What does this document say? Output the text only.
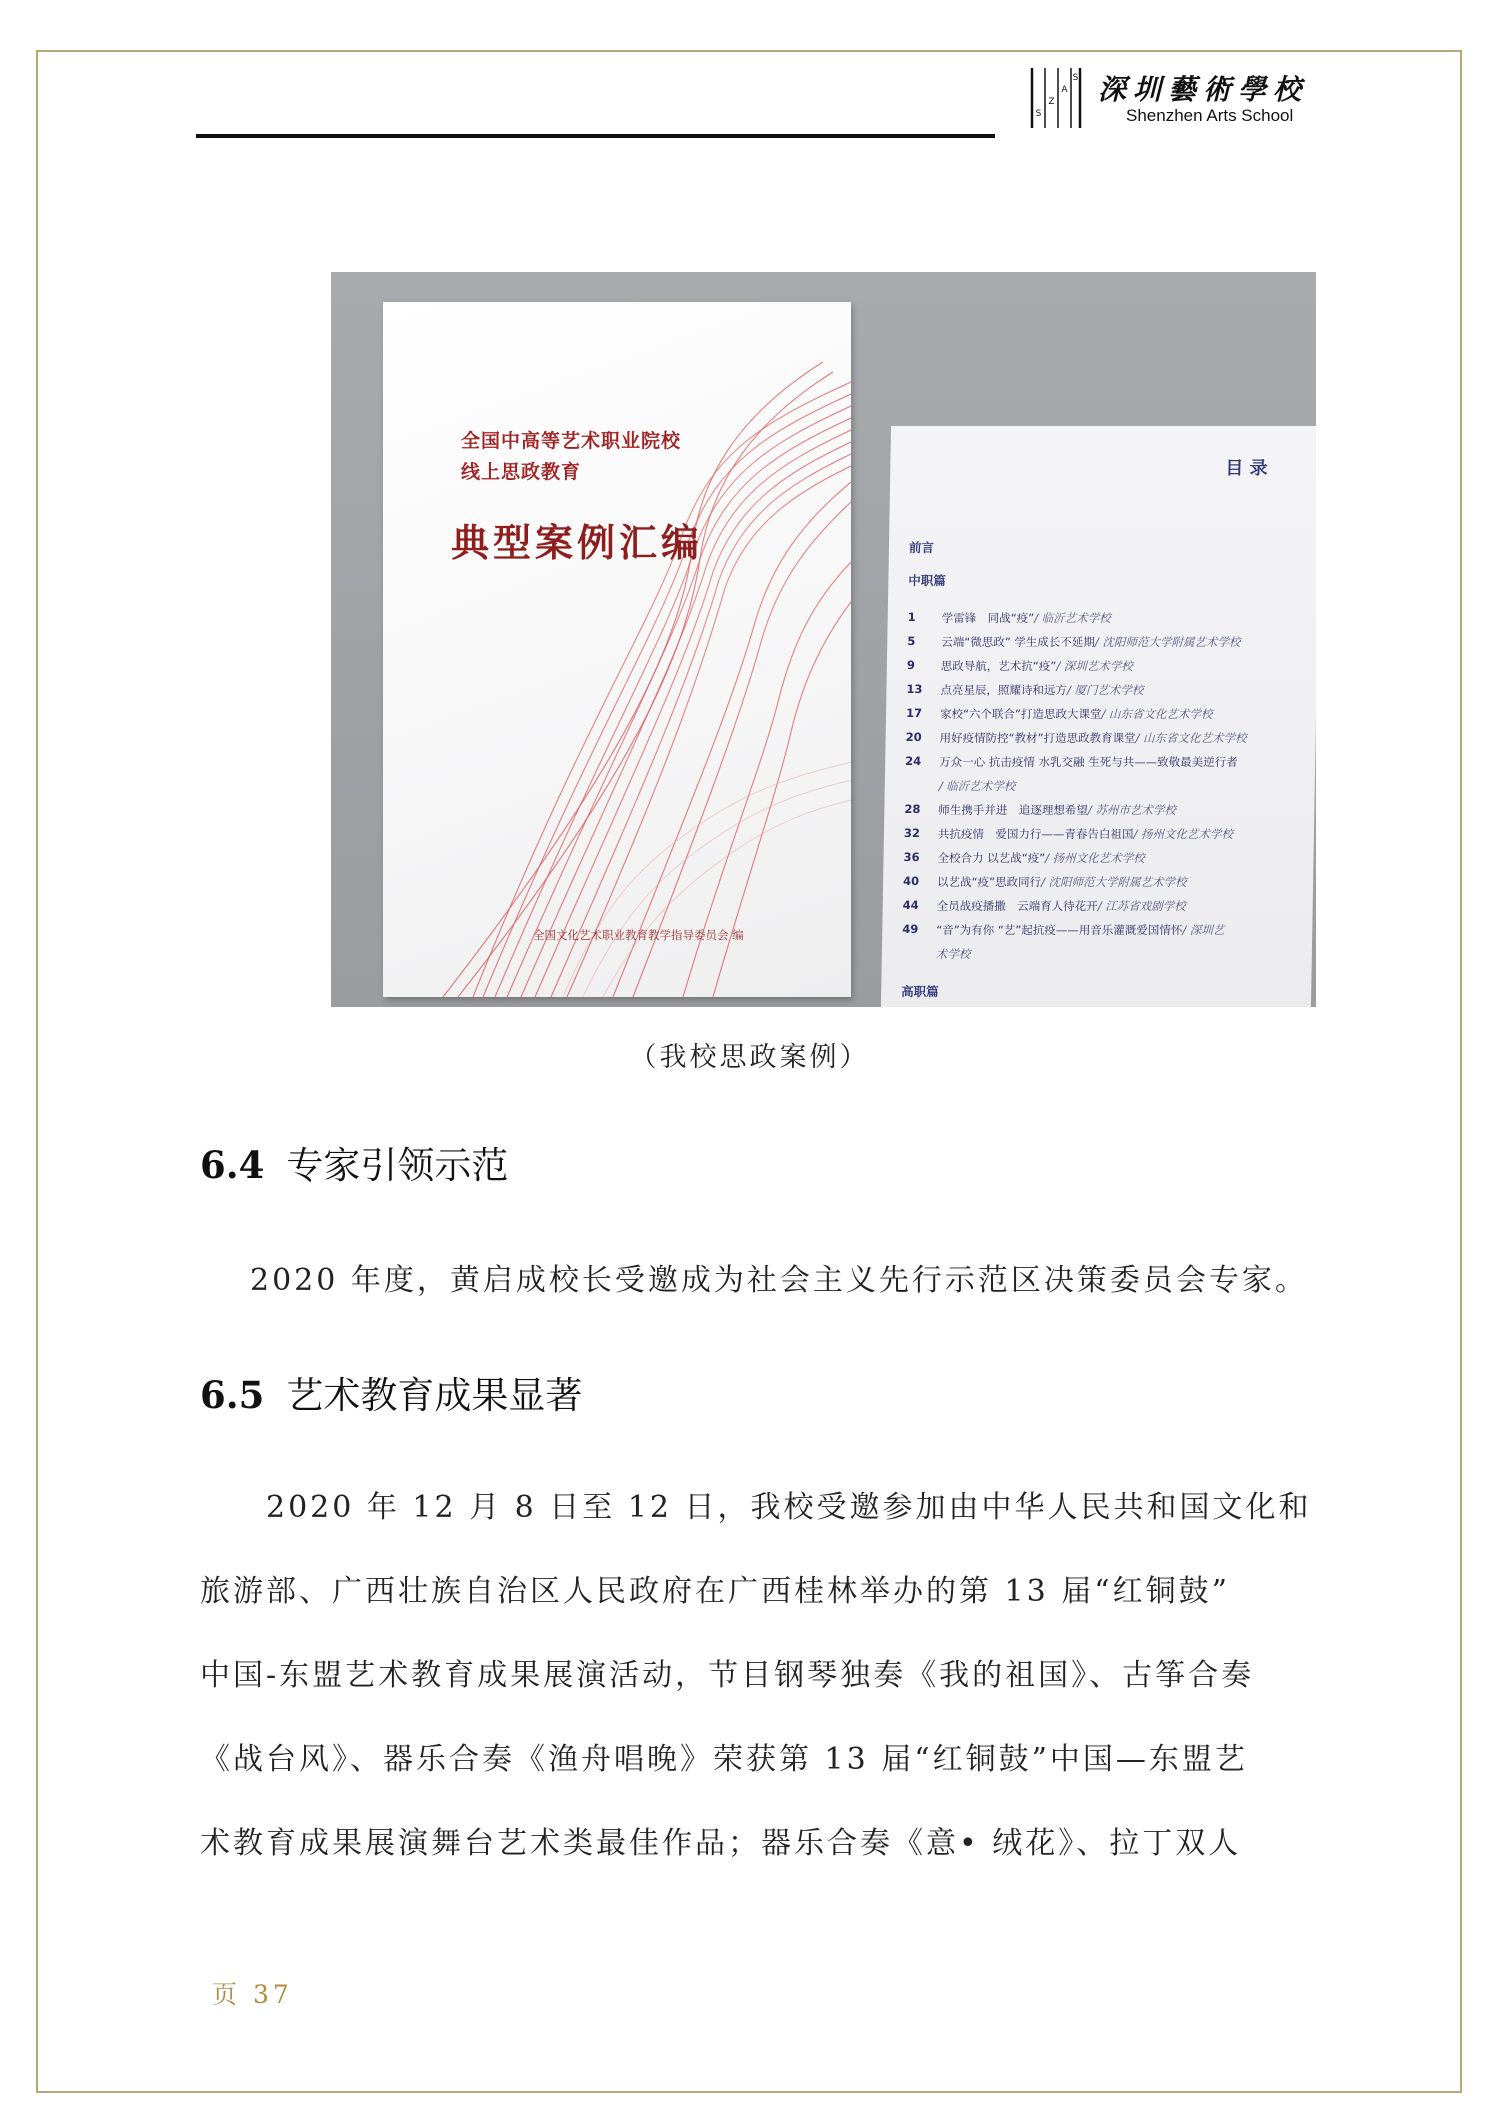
S
Z
A
S 深圳藝術學校
Shenzhen Arts School
全国中高等艺术职业院校
线上思政教育
典型案例汇编
全国文化艺术职业教育教学指导委员会 编
目 录
前言
中职篇
1	学雷锋　同战“疫”/ 临沂艺术学校
5	云端“微思政” 学生成长不延期/ 沈阳师范大学附属艺术学校
9	思政导航，艺术抗“疫”/ 深圳艺术学校
13	点亮星辰，照耀诗和远方/ 厦门艺术学校
17	家校“六个联合”打造思政大课堂/ 山东省文化艺术学校
20	用好疫情防控“教材”打造思政教育课堂/ 山东省文化艺术学校
24	万众一心 抗击疫情 水乳交融 生死与共——致敬最美逆行者
/ 临沂艺术学校
28	师生携手并进　追逐理想希望/ 苏州市艺术学校
32	共抗疫情　爱国力行——青春告白祖国/ 扬州文化艺术学校
36	全校合力 以艺战“疫”/ 扬州文化艺术学校
40	以艺战“疫”思政同行/ 沈阳师范大学附属艺术学校
44	全员战疫播撒　云端育人待花开/ 江苏省戏剧学校
49	“音”为有你 “艺”起抗疫——用音乐灌溉爱国情怀/ 深圳艺
术学校
高职篇
（我校思政案例）
6.4 专家引领示范
2020 年度，黄启成校长受邀成为社会主义先行示范区决策委员会专家。
6.5 艺术教育成果显著
　　2020 年 12 月 8 日至 12 日，我校受邀参加由中华人民共和国文化和
旅游部、广西壮族自治区人民政府在广西桂林举办的第 13 届“红铜鼓”
中国-东盟艺术教育成果展演活动，节目钢琴独奏《我的祖国》、古筝合奏
《战台风》、器乐合奏《渔舟唱晚》荣获第 13 届“红铜鼓”中国—东盟艺
术教育成果展演舞台艺术类最佳作品；器乐合奏《意• 绒花》、拉丁双人
页 37
